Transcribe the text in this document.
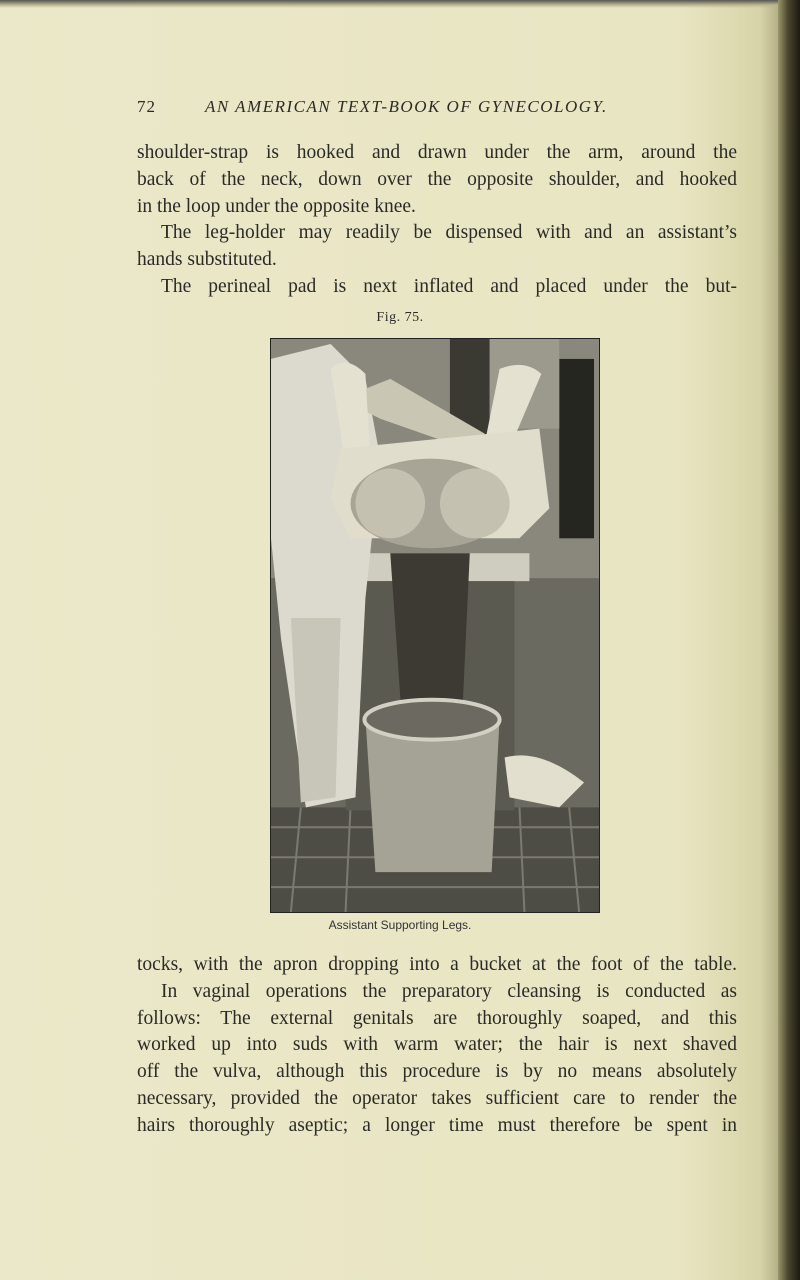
72	AN AMERICAN TEXT-BOOK OF GYNECOLOGY.
shoulder-strap is hooked and drawn under the arm, around the
back of the neck, down over the opposite shoulder, and hooked
in the loop under the opposite knee.
The leg-holder may readily be dispensed with and an assistant’s
hands substituted.
The perineal pad is next inflated and placed under the but-
Fig. 75.
Assistant Supporting Legs.
tocks, with the apron dropping into a bucket at the foot of the table.
In vaginal operations the preparatory cleansing is conducted as
follows: The external genitals are thoroughly soaped, and this
worked up into suds with warm water; the hair is next shaved
off the vulva, although this procedure is by no means absolutely
necessary, provided the operator takes sufficient care to render the
hairs thoroughly aseptic; a longer time must therefore be spent in
